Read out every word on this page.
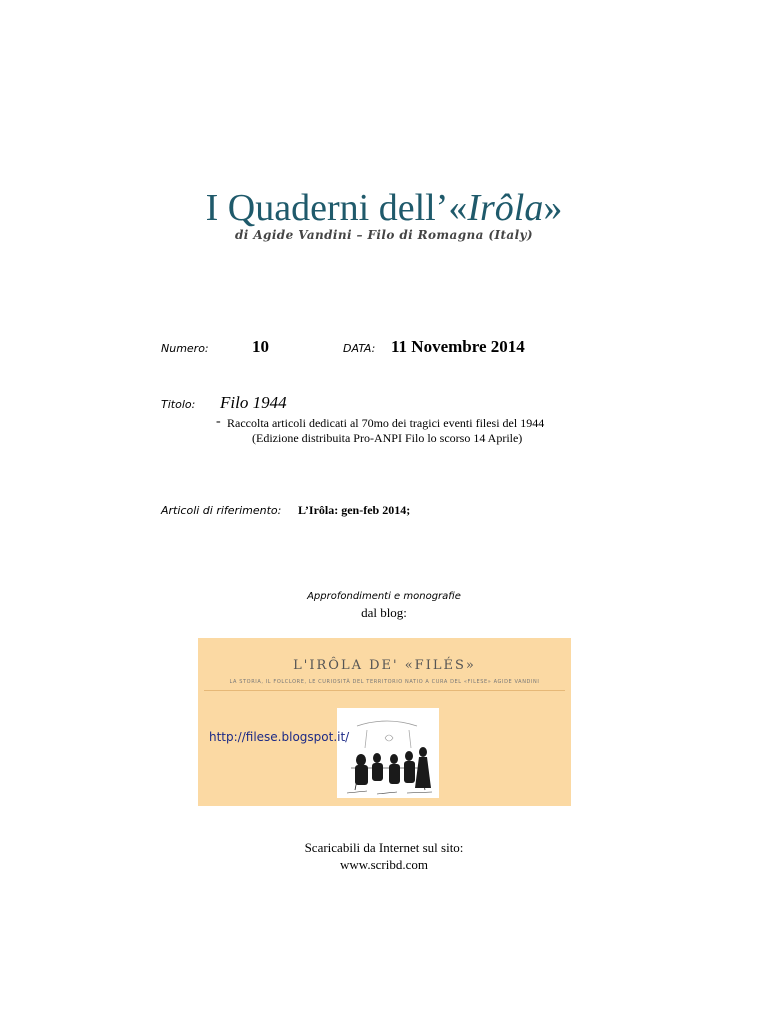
I Quaderni dell’«Irôla»
di Agide Vandini – Filo di Romagna (Italy)
Numero:	10	DATA: 11 Novembre 2014
Titolo: Filo 1944
- Raccolta articoli dedicati al 70mo dei tragici eventi filesi del 1944
(Edizione distribuita Pro-ANPI Filo lo scorso 14 Aprile)
Articoli di riferimento: L’Irôla: gen-feb 2014;
Approfondimenti e monografie
dal blog:
L'IRÔLA DE' «FILÉS»
LA STORIA, IL FOLCLORE, LE CURIOSITÀ DEL TERRITORIO NATIO A CURA DEL «FILESE» AGIDE VANDINI
http://filese.blogspot.it/
Scaricabili da Internet sul sito:
www.scribd.com
